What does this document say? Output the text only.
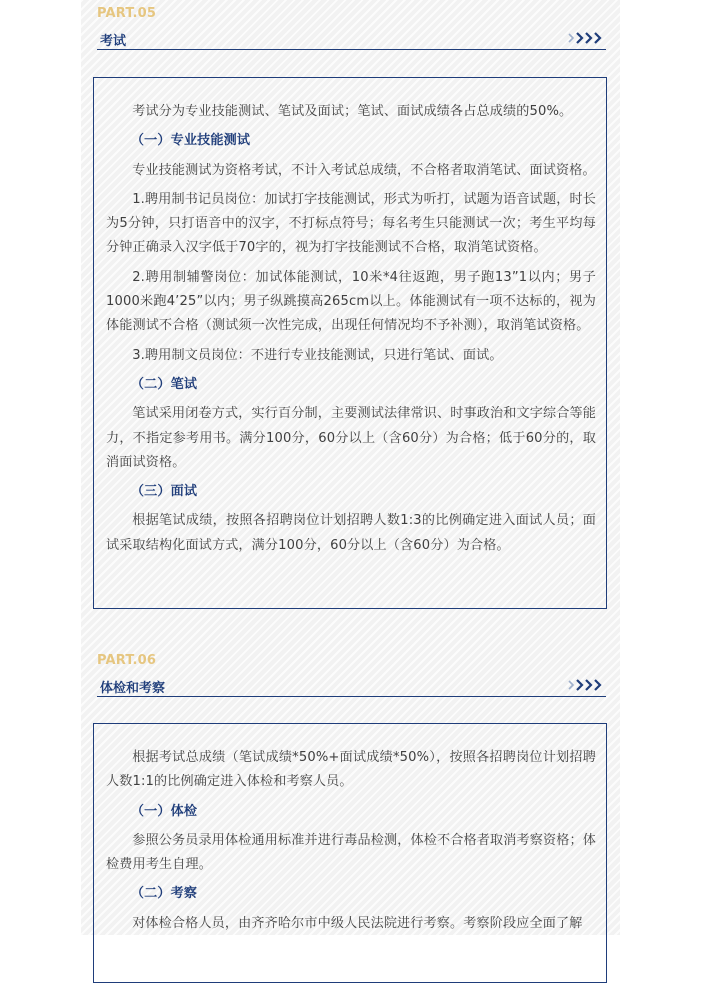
PART.05
考试

考试分为专业技能测试、笔试及面试；笔试、面试成绩各占总成绩的50%。

（一）专业技能测试

专业技能测试为资格考试，不计入考试总成绩，不合格者取消笔试、面试资格。

1.聘用制书记员岗位：加试打字技能测试，形式为听打，试题为语音试题，时长为5分钟，只打语音中的汉字，不打标点符号；每名考生只能测试一次；考生平均每分钟正确录入汉字低于70字的，视为打字技能测试不合格，取消笔试资格。

2.聘用制辅警岗位：加试体能测试，10米*4往返跑，男子跑13”1以内；男子1000米跑4’25”以内；男子纵跳摸高265cm以上。体能测试有一项不达标的，视为体能测试不合格（测试须一次性完成，出现任何情况均不予补测），取消笔试资格。

3.聘用制文员岗位：不进行专业技能测试，只进行笔试、面试。

（二）笔试

笔试采用闭卷方式，实行百分制，主要测试法律常识、时事政治和文字综合等能力，不指定参考用书。满分100分，60分以上（含60分）为合格；低于60分的，取消面试资格。

（三）面试

根据笔试成绩，按照各招聘岗位计划招聘人数1:3的比例确定进入面试人员；面试采取结构化面试方式，满分100分，60分以上（含60分）为合格。

PART.06
体检和考察

根据考试总成绩（笔试成绩*50%+面试成绩*50%），按照各招聘岗位计划招聘人数1:1的比例确定进入体检和考察人员。

（一）体检

参照公务员录用体检通用标准并进行毒品检测，体检不合格者取消考察资格；体检费用考生自理。

（二）考察

对体检合格人员，由齐齐哈尔市中级人民法院进行考察。考察阶段应全面了解
